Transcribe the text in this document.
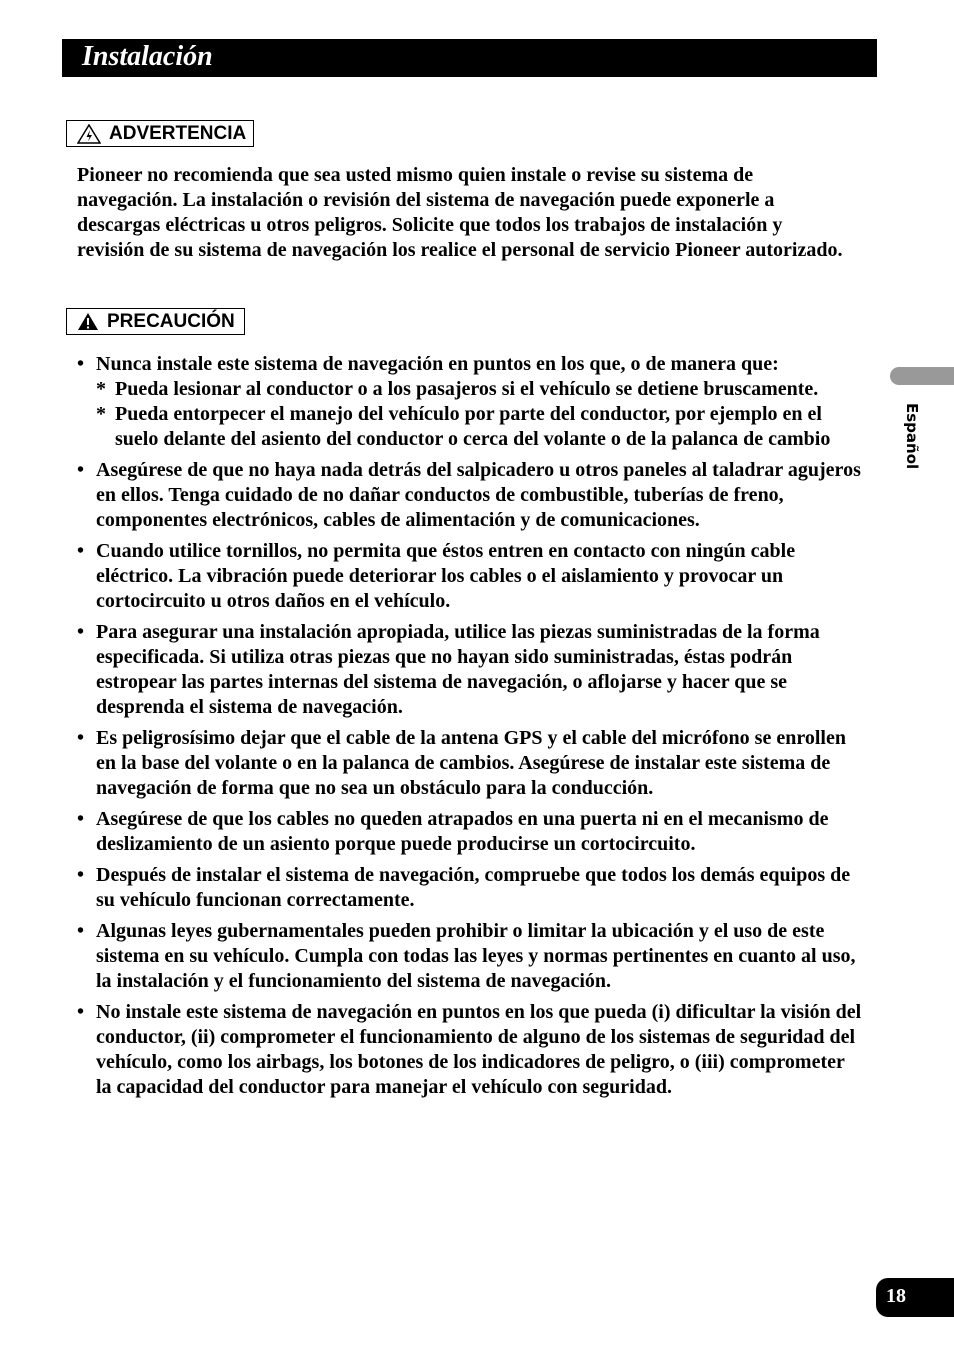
Instalación
ADVERTENCIA

Pioneer no recomienda que sea usted mismo quien instale o revise su sistema de navegación. La instalación o revisión del sistema de navegación puede exponerle a descargas eléctricas u otros peligros. Solicite que todos los trabajos de instalación y revisión de su sistema de navegación los realice el personal de servicio Pioneer autorizado.

PRECAUCIÓN
• Nunca instale este sistema de navegación en puntos en los que, o de manera que:
* Pueda lesionar al conductor o a los pasajeros si el vehículo se detiene bruscamente.
* Pueda entorpecer el manejo del vehículo por parte del conductor, por ejemplo en el suelo delante del asiento del conductor o cerca del volante o de la palanca de cambio
• Asegúrese de que no haya nada detrás del salpicadero u otros paneles al taladrar agujeros en ellos. Tenga cuidado de no dañar conductos de combustible, tuberías de freno, componentes electrónicos, cables de alimentación y de comunicaciones.
• Cuando utilice tornillos, no permita que éstos entren en contacto con ningún cable eléctrico. La vibración puede deteriorar los cables o el aislamiento y provocar un cortocircuito u otros daños en el vehículo.
• Para asegurar una instalación apropiada, utilice las piezas suministradas de la forma especificada. Si utiliza otras piezas que no hayan sido suministradas, éstas podrán estropear las partes internas del sistema de navegación, o aflojarse y hacer que se desprenda el sistema de navegación.
• Es peligrosísimo dejar que el cable de la antena GPS y el cable del micrófono se enrollen en la base del volante o en la palanca de cambios. Asegúrese de instalar este sistema de navegación de forma que no sea un obstáculo para la conducción.
• Asegúrese de que los cables no queden atrapados en una puerta ni en el mecanismo de deslizamiento de un asiento porque puede producirse un cortocircuito.
• Después de instalar el sistema de navegación, compruebe que todos los demás equipos de su vehículo funcionan correctamente.
• Algunas leyes gubernamentales pueden prohibir o limitar la ubicación y el uso de este sistema en su vehículo. Cumpla con todas las leyes y normas pertinentes en cuanto al uso, la instalación y el funcionamiento del sistema de navegación.
• No instale este sistema de navegación en puntos en los que pueda (i) dificultar la visión del conductor, (ii) comprometer el funcionamiento de alguno de los sistemas de seguridad del vehículo, como los airbags, los botones de los indicadores de peligro, o (iii) comprometer la capacidad del conductor para manejar el vehículo con seguridad.
Español
18
